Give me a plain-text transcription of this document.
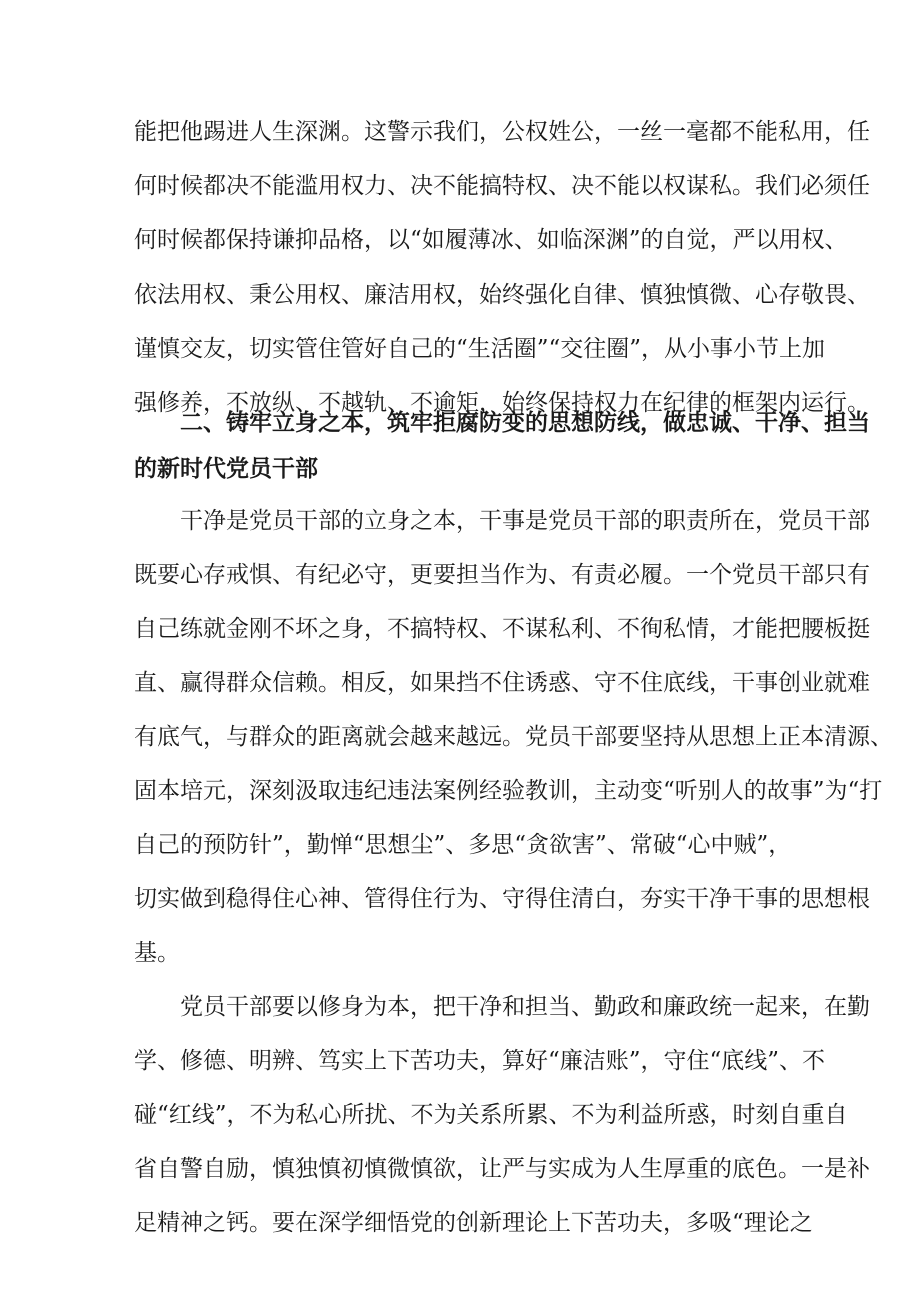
能把他踢进人生深渊。这警示我们，公权姓公，一丝一毫都不能私用，任
何时候都决不能滥用权力、决不能搞特权、决不能以权谋私。我们必须任
何时候都保持谦抑品格，以“如履薄冰、如临深渊”的自觉，严以用权、
依法用权、秉公用权、廉洁用权，始终强化自律、慎独慎微、心存敬畏、
谨慎交友，切实管住管好自己的“生活圈”“交往圈”，从小事小节上加
强修养，不放纵、不越轨、不逾矩，始终保持权力在纪律的框架内运行。
二、铸牢立身之本，筑牢拒腐防变的思想防线，做忠诚、干净、担当
的新时代党员干部
干净是党员干部的立身之本，干事是党员干部的职责所在，党员干部
既要心存戒惧、有纪必守，更要担当作为、有责必履。一个党员干部只有
自己练就金刚不坏之身，不搞特权、不谋私利、不徇私情，才能把腰板挺
直、赢得群众信赖。相反，如果挡不住诱惑、守不住底线，干事创业就难
有底气，与群众的距离就会越来越远。党员干部要坚持从思想上正本清源、
固本培元，深刻汲取违纪违法案例经验教训，主动变“听别人的故事”为“打
自己的预防针”，勤惮“思想尘”、多思“贪欲害”、常破“心中贼”，
切实做到稳得住心神、管得住行为、守得住清白，夯实干净干事的思想根
基。
党员干部要以修身为本，把干净和担当、勤政和廉政统一起来，在勤
学、修德、明辨、笃实上下苦功夫，算好“廉洁账”，守住“底线”、不
碰“红线”，不为私心所扰、不为关系所累、不为利益所惑，时刻自重自
省自警自励，慎独慎初慎微慎欲，让严与实成为人生厚重的底色。一是补
足精神之钙。要在深学细悟党的创新理论上下苦功夫，多吸“理论之
